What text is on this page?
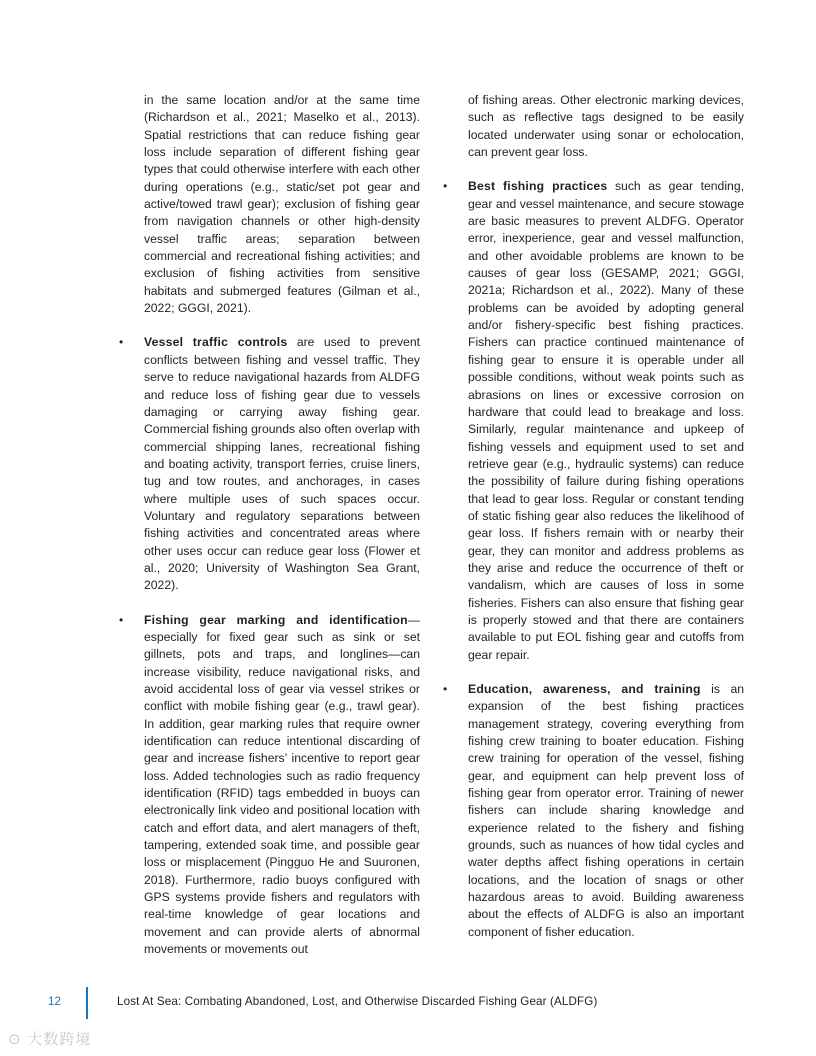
in the same location and/or at the same time (Richardson et al., 2021; Maselko et al., 2013). Spatial restrictions that can reduce fishing gear loss include separation of different fishing gear types that could otherwise interfere with each other during operations (e.g., static/set pot gear and active/towed trawl gear); exclusion of fishing gear from navigation channels or other high-density vessel traffic areas; separation between commercial and recreational fishing activities; and exclusion of fishing activities from sensitive habitats and submerged features (Gilman et al., 2022; GGGI, 2021).

• Vessel traffic controls are used to prevent conflicts between fishing and vessel traffic. They serve to reduce navigational hazards from ALDFG and reduce loss of fishing gear due to vessels damaging or carrying away fishing gear. Commercial fishing grounds also often overlap with commercial shipping lanes, recreational fishing and boating activity, transport ferries, cruise liners, tug and tow routes, and anchorages, in cases where multiple uses of such spaces occur. Voluntary and regulatory separations between fishing activities and concentrated areas where other uses occur can reduce gear loss (Flower et al., 2020; University of Washington Sea Grant, 2022).

• Fishing gear marking and identification— especially for fixed gear such as sink or set gillnets, pots and traps, and longlines—can increase visibility, reduce navigational risks, and avoid accidental loss of gear via vessel strikes or conflict with mobile fishing gear (e.g., trawl gear). In addition, gear marking rules that require owner identification can reduce intentional discarding of gear and increase fishers’ incentive to report gear loss. Added technologies such as radio frequency identification (RFID) tags embedded in buoys can electronically link video and positional location with catch and effort data, and alert managers of theft, tampering, extended soak time, and possible gear loss or misplacement (Pingguo He and Suuronen, 2018). Furthermore, radio buoys configured with GPS systems provide fishers and regulators with real-time knowledge of gear locations and movement and can provide alerts of abnormal movements or movements out

of fishing areas. Other electronic marking devices, such as reflective tags designed to be easily located underwater using sonar or echolocation, can prevent gear loss.

• Best fishing practices such as gear tending, gear and vessel maintenance, and secure stowage are basic measures to prevent ALDFG. Operator error, inexperience, gear and vessel malfunction, and other avoidable problems are known to be causes of gear loss (GESAMP, 2021; GGGI, 2021a; Richardson et al., 2022). Many of these problems can be avoided by adopting general and/or fishery-specific best fishing practices. Fishers can practice continued maintenance of fishing gear to ensure it is operable under all possible conditions, without weak points such as abrasions on lines or excessive corrosion on hardware that could lead to breakage and loss. Similarly, regular maintenance and upkeep of fishing vessels and equipment used to set and retrieve gear (e.g., hydraulic systems) can reduce the possibility of failure during fishing operations that lead to gear loss. Regular or constant tending of static fishing gear also reduces the likelihood of gear loss. If fishers remain with or nearby their gear, they can monitor and address problems as they arise and reduce the occurrence of theft or vandalism, which are causes of loss in some fisheries. Fishers can also ensure that fishing gear is properly stowed and that there are containers available to put EOL fishing gear and cutoffs from gear repair.

• Education, awareness, and training is an expansion of the best fishing practices management strategy, covering everything from fishing crew training to boater education. Fishing crew training for operation of the vessel, fishing gear, and equipment can help prevent loss of fishing gear from operator error. Training of newer fishers can include sharing knowledge and experience related to the fishery and fishing grounds, such as nuances of how tidal cycles and water depths affect fishing operations in certain locations, and the location of snags or other hazardous areas to avoid. Building awareness about the effects of ALDFG is also an important component of fisher education.

12	Lost At Sea: Combating Abandoned, Lost, and Otherwise Discarded Fishing Gear (ALDFG)
⊙ 大数跨境
